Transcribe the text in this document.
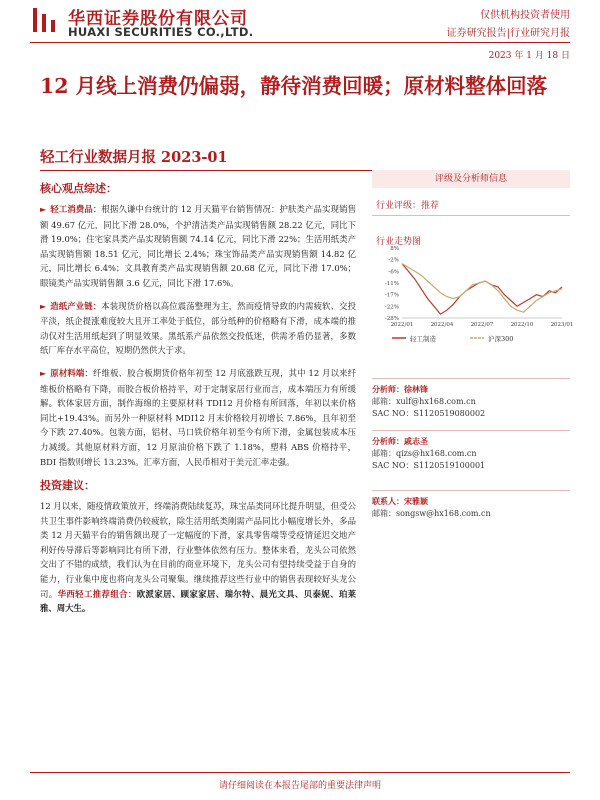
华西证券股份有限公司
HUAXI SECURITIES CO.,LTD.
仅供机构投资者使用
证券研究报告|行业研究月报
2023 年 1 月 18 日
12 月线上消费仍偏弱，静待消费回暖；原材料整体回落
轻工行业数据月报 2023-01

核心观点综述：

► 轻工消费品：根据久谦中台统计的 12 月天猫平台销售情况：护肤类产品实现销售额 49.67 亿元，同比下滑 28.0%，个护清洁类产品实现销售额 28.22 亿元，同比下滑 19.0%；住宅家具类产品实现销售额 74.14 亿元，同比下滑 22%；生活用纸类产品实现销售额 18.51 亿元，同比增长 2.4%；珠宝饰品类产品实现销售额 14.82 亿元，同比增长 6.4%；文具教育类产品实现销售额 20.68 亿元，同比下滑 17.0%；眼镜类产品实现销售额 3.6 亿元，同比下滑 17.6%。

► 造纸产业链：本装现货价格以高位震荡整理为主，然而疫情导致的内需疲软、交投平淡，纸企提涨难度较大且开工率处于低位，部分纸种的价格略有下滑，成本端的推动仅对生活用纸起到了明显效果。黑纸系产品依然交投低迷，供需矛盾仍显著，多数纸厂库存水平高位，短期仍然供大于求。

► 原材料端：纤维板、胶合板期货价格年初至 12 月底涨跌互现，其中 12 月以来纤维板价格略有下降，而胶合板价格持平，对于定制家居行业而言，成本端压力有所缓解。软体家居方面，制作海绵的主要原材料 TDI12 月价格有所回落，年初以来价格同比+19.43%。而另外一种原材料 MDI12 月末价格较月初增长 7.86%，且年初至今下跌 27.40%。包装方面，铝材、马口铁价格年初至今有所下滑，金属包装成本压力减缓。其他原材料方面，12 月原油价格下跌了 1.18%，塑料 ABS 价格持平，BDI 指数则增长 13.23%。汇率方面，人民币相对于美元汇率走强。

投资建议：

12 月以来，随疫情政策放开，终端消费陆续复苏，珠宝品类同环比提升明显，但受公共卫生事件影响终端消费仍较疲软，除生活用纸类刚需产品同比小幅度增长外，多品类 12 月天猫平台的销售额出现了一定幅度的下滑，家具零售端等受疫情延迟交地产利好传导滞后等影响同比有所下滑，行业整体依然有压力。整体来看，龙头公司依然交出了不错的成绩，我们认为在目前的商业环境下，龙头公司有望持续受益于自身的能力，行业集中度也将向龙头公司聚集。继续推荐这些行业中的销售表现较好头龙公司。华西轻工推荐组合：欧派家居、顾家家居、瑞尔特、晨光文具、贝泰妮、珀莱雅、周大生。

评级及分析师信息
行业评级：推荐
行业走势图
8%
-2%
-6%
-11%
-17%
-22%
-28%
2022/01	2022/04	2022/07	2022/10	2023/01
轻工制造	沪深300
分析师：徐林锋
邮箱：xulf@hx168.com.cn
SAC NO：S1120519080002
分析师：戚志圣
邮箱：qizs@hx168.com.cn
SAC NO：S1120519100001
联系人：宋雅颖
邮箱：songsw@hx168.com.cn
请仔细阅读在本报告尾部的重要法律声明
